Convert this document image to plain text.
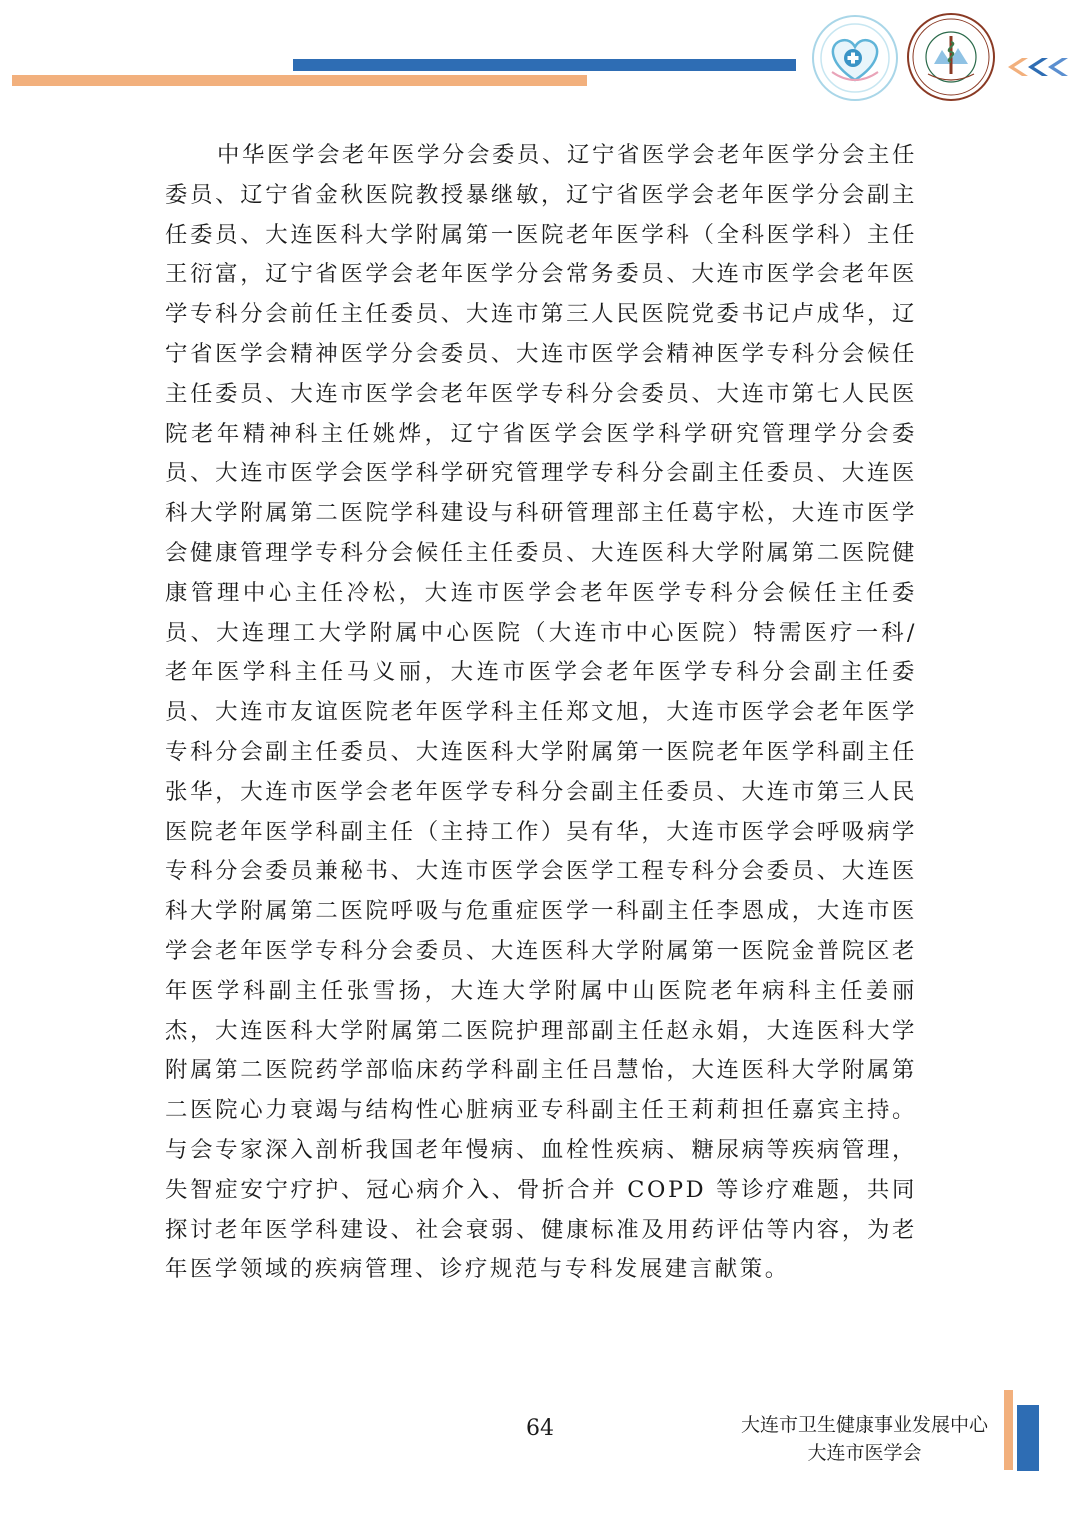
中华医学会老年医学分会委员、辽宁省医学会老年医学分会主任委员、辽宁省金秋医院教授暴继敏，辽宁省医学会老年医学分会副主任委员、大连医科大学附属第一医院老年医学科（全科医学科）主任王衍富，辽宁省医学会老年医学分会常务委员、大连市医学会老年医学专科分会前任主任委员、大连市第三人民医院党委书记卢成华，辽宁省医学会精神医学分会委员、大连市医学会精神医学专科分会候任主任委员、大连市医学会老年医学专科分会委员、大连市第七人民医院老年精神科主任姚烨，辽宁省医学会医学科学研究管理学分会委员、大连市医学会医学科学研究管理学专科分会副主任委员、大连医科大学附属第二医院学科建设与科研管理部主任葛宇松，大连市医学会健康管理学专科分会候任主任委员、大连医科大学附属第二医院健康管理中心主任冷松，大连市医学会老年医学专科分会候任主任委员、大连理工大学附属中心医院（大连市中心医院）特需医疗一科/老年医学科主任马义丽，大连市医学会老年医学专科分会副主任委员、大连市友谊医院老年医学科主任郑文旭，大连市医学会老年医学专科分会副主任委员、大连医科大学附属第一医院老年医学科副主任张华，大连市医学会老年医学专科分会副主任委员、大连市第三人民医院老年医学科副主任（主持工作）吴有华，大连市医学会呼吸病学专科分会委员兼秘书、大连市医学会医学工程专科分会委员、大连医科大学附属第二医院呼吸与危重症医学一科副主任李恩成，大连市医学会老年医学专科分会委员、大连医科大学附属第一医院金普院区老年医学科副主任张雪扬，大连大学附属中山医院老年病科主任姜丽杰，大连医科大学附属第二医院护理部副主任赵永娟，大连医科大学附属第二医院药学部临床药学科副主任吕慧怡，大连医科大学附属第二医院心力衰竭与结构性心脏病亚专科副主任王莉莉担任嘉宾主持。与会专家深入剖析我国老年慢病、血栓性疾病、糖尿病等疾病管理，失智症安宁疗护、冠心病介入、骨折合并 COPD 等诊疗难题，共同探讨老年医学科建设、社会衰弱、健康标准及用药评估等内容，为老年医学领域的疾病管理、诊疗规范与专科发展建言献策。

64	大连市卫生健康事业发展中心
大连市医学会
